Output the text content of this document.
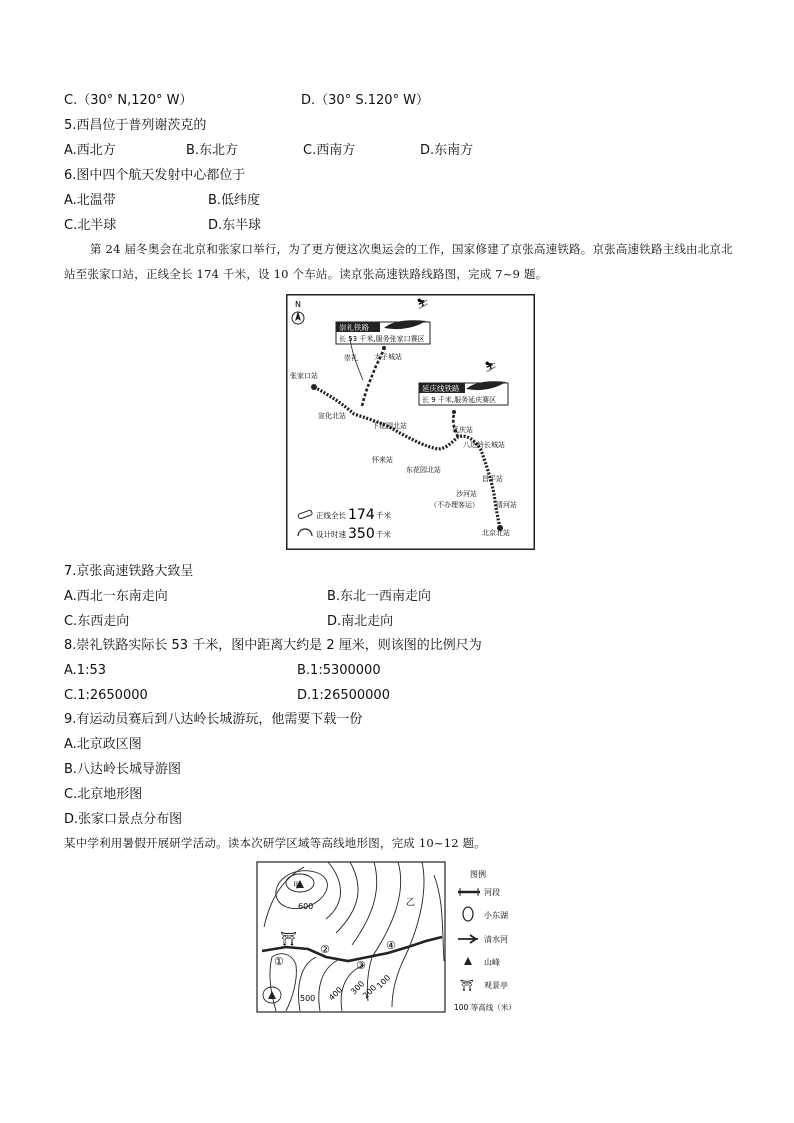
C.（30° N,120° W）	D.（30° S.120° W）
5.西昌位于普列谢茨克的
A.西北方	B.东北方	C.西南方	D.东南方
6.图中四个航天发射中心都位于
A.北温带	B.低纬度
C.北半球	D.东半球
第 24 届冬奥会在北京和张家口举行，为了更方便这次奥运会的工作，国家修建了京张高速铁路。京张高速铁路主线由北京北站至张家口站，正线全长 174 千米，设 10 个车站。读京张高速铁路线路图，完成 7~9 题。
N
崇礼铁路
长 53 千米,服务张家口赛区
⛷
延庆线铁路
长 9 千米,服务延庆赛区
⛷
张家口站
崇礼 太子城站
宣化北站
下花园北站
怀来站
东花园北站
延庆站
八达岭长城站
昌平站
沙河站
（不办理客运） 清河站
北京北站
正线全长 174 千米
设计时速 350 千米
7.京张高速铁路大致呈
A.西北一东南走向	B.东北一西南走向
C.东西走向	D.南北走向
8.崇礼铁路实际长 53 千米，图中距离大约是 2 厘米，则该图的比例尺为
A.1:53	B.1:5300000
C.1:2650000	D.1:26500000
9.有运动员赛后到八达岭长城游玩，他需要下载一份
A.北京政区图
B.八达岭长城导游图
C.北京地形图
D.张家口景点分布图
某中学利用暑假开展研学活动。读本次研学区域等高线地形图，完成 10~12 题。
⛩
甲
乙
①
②
③
④
600
500 400 300
200
100
图例
河段
小东湖
清水河
山峰
⛩ 观景亭
100 等高线（米）
